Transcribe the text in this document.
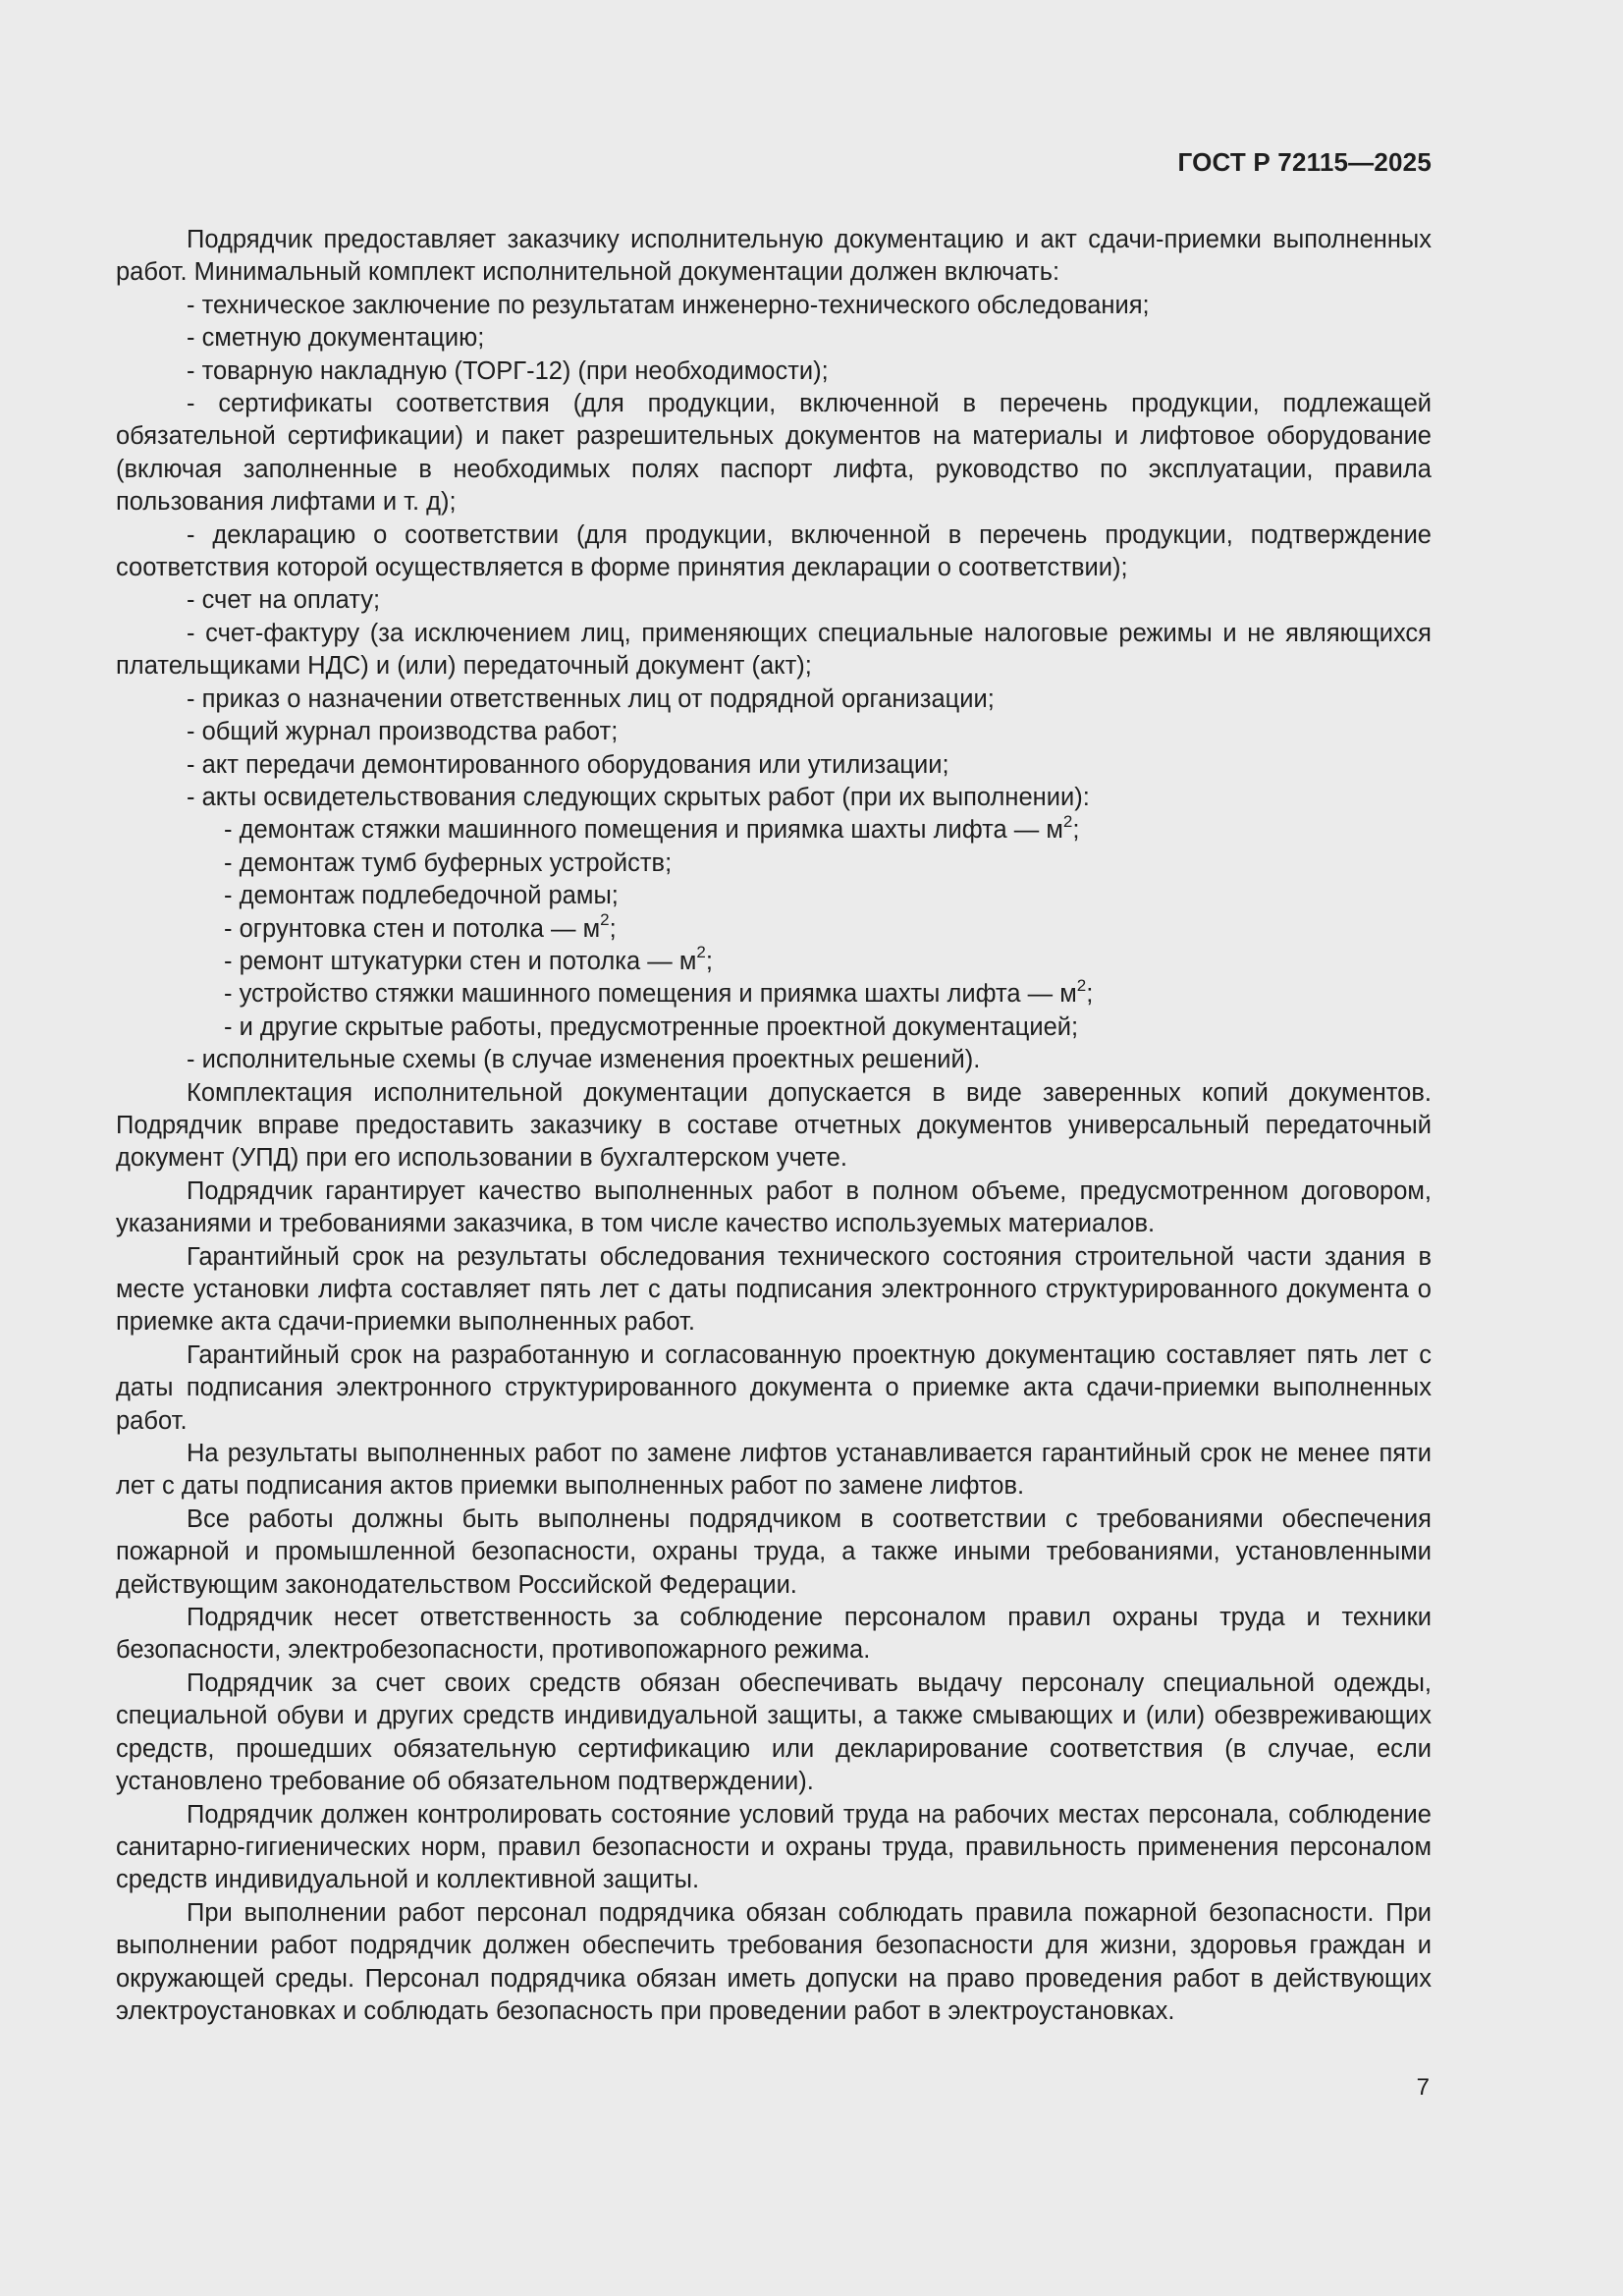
ГОСТ Р 72115—2025

Подрядчик предоставляет заказчику исполнительную документацию и акт сдачи-приемки выполненных работ. Минимальный комплект исполнительной документации должен включать:

- техническое заключение по результатам инженерно-технического обследования;

- сметную документацию;

- товарную накладную (ТОРГ-12) (при необходимости);

- сертификаты соответствия (для продукции, включенной в перечень продукции, подлежащей обязательной сертификации) и пакет разрешительных документов на материалы и лифтовое оборудование (включая заполненные в необходимых полях паспорт лифта, руководство по эксплуатации, правила пользования лифтами и т. д);

- декларацию о соответствии (для продукции, включенной в перечень продукции, подтверждение соответствия которой осуществляется в форме принятия декларации о соответствии);

- счет на оплату;

- счет-фактуру (за исключением лиц, применяющих специальные налоговые режимы и не являющихся плательщиками НДС) и (или) передаточный документ (акт);

- приказ о назначении ответственных лиц от подрядной организации;

- общий журнал производства работ;

- акт передачи демонтированного оборудования или утилизации;

- акты освидетельствования следующих скрытых работ (при их выполнении):

- демонтаж стяжки машинного помещения и приямка шахты лифта — $м^2$;

- демонтаж тумб буферных устройств;

- демонтаж подлебедочной рамы;

- огрунтовка стен и потолка — $м^2$;

- ремонт штукатурки стен и потолка — $м^2$;

- устройство стяжки машинного помещения и приямка шахты лифта — $м^2$;

- и другие скрытые работы, предусмотренные проектной документацией;

- исполнительные схемы (в случае изменения проектных решений).

Комплектация исполнительной документации допускается в виде заверенных копий документов. Подрядчик вправе предоставить заказчику в составе отчетных документов универсальный передаточный документ (УПД) при его использовании в бухгалтерском учете.

Подрядчик гарантирует качество выполненных работ в полном объеме, предусмотренном договором, указаниями и требованиями заказчика, в том числе качество используемых материалов.

Гарантийный срок на результаты обследования технического состояния строительной части здания в месте установки лифта составляет пять лет с даты подписания электронного структурированного документа о приемке акта сдачи-приемки выполненных работ.

Гарантийный срок на разработанную и согласованную проектную документацию составляет пять лет с даты подписания электронного структурированного документа о приемке акта сдачи-приемки выполненных работ.

На результаты выполненных работ по замене лифтов устанавливается гарантийный срок не менее пяти лет с даты подписания актов приемки выполненных работ по замене лифтов.

Все работы должны быть выполнены подрядчиком в соответствии с требованиями обеспечения пожарной и промышленной безопасности, охраны труда, а также иными требованиями, установленными действующим законодательством Российской Федерации.

Подрядчик несет ответственность за соблюдение персоналом правил охраны труда и техники безопасности, электробезопасности, противопожарного режима.

Подрядчик за счет своих средств обязан обеспечивать выдачу персоналу специальной одежды, специальной обуви и других средств индивидуальной защиты, а также смывающих и (или) обезвреживающих средств, прошедших обязательную сертификацию или декларирование соответствия (в случае, если установлено требование об обязательном подтверждении).

Подрядчик должен контролировать состояние условий труда на рабочих местах персонала, соблюдение санитарно-гигиенических норм, правил безопасности и охраны труда, правильность применения персоналом средств индивидуальной и коллективной защиты.

При выполнении работ персонал подрядчика обязан соблюдать правила пожарной безопасности. При выполнении работ подрядчик должен обеспечить требования безопасности для жизни, здоровья граждан и окружающей среды. Персонал подрядчика обязан иметь допуски на право проведения работ в действующих электроустановках и соблюдать безопасность при проведении работ в электроустановках.

7
